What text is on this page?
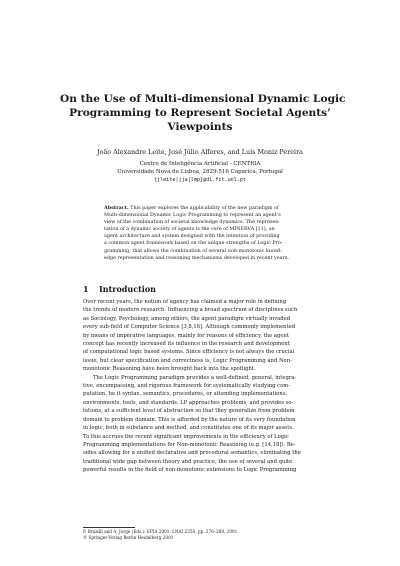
On the Use of Multi-dimensional Dynamic Logic
Programming to Represent Societal Agents’
Viewpoints
João Alexandre Leite, José Júlio Alferes, and Luís Moniz Pereira
Centro de Inteligência Artificial - CENTRIA
Universidade Nova de Lisboa, 2829-516 Caparica, Portugal
{jleite|jja|lmp}@di.fct.unl.pt
Abstract. This paper explores the applicability of the new paradigm of
Multi-dimensional Dynamic Logic Programming to represent an agent’s
view of the combination of societal knowledge dynamics. The represen-
tation of a dynamic society of agents is the core of MINERVA [11], an
agent architecture and system designed with the intention of providing
a common agent framework based on the unique strengths of Logic Pro-
gramming, that allows the combination of several non-monotonic knowl-
edge representation and reasoning mechanisms developed in recent years.
1 Introduction
Over recent years, the notion of agency has claimed a major role in defining
the trends of modern research. Influencing a broad spectrum of disciplines such
as Sociology, Psychology, among others, the agent paradigm virtually invaded
every sub-field of Computer Science [3,8,16]. Although commonly implemented
by means of imperative languages, mainly for reasons of efficiency, the agent
concept has recently increased its influence in the research and development
of computational logic based systems. Since efficiency is not always the crucial
issue, but clear specification and correctness is, Logic Programming and Non-
monotonic Reasoning have been brought back into the spotlight.
The Logic Programming paradigm provides a well-defined, general, integra-
tive, encompassing, and rigorous framework for systematically studying com-
putation, be it syntax, semantics, procedures, or attending implementations,
environments, tools, and standards. LP approaches problems, and provides so-
lutions, at a sufficient level of abstraction so that they generalize from problem
domain to problem domain. This is afforded by the nature of its very foundation
in logic, both in substance and method, and constitutes one of its major assets.
To this accrues the recent significant improvements in the efficiency of Logic
Programming implementations for Non-monotonic Reasoning (e.g. [14,18]). Be-
sides allowing for a unified declarative and procedural semantics, eliminating the
traditional wide gap between theory and practice, the use of several and quite
powerful results in the field of non-monotonic extensions to Logic Programming
P. Brazdil and A. Jorge (Eds.): EPIA 2001, LNAI 2258, pp. 276–289, 2001.
© Springer-Verlag Berlin Heidelberg 2001
